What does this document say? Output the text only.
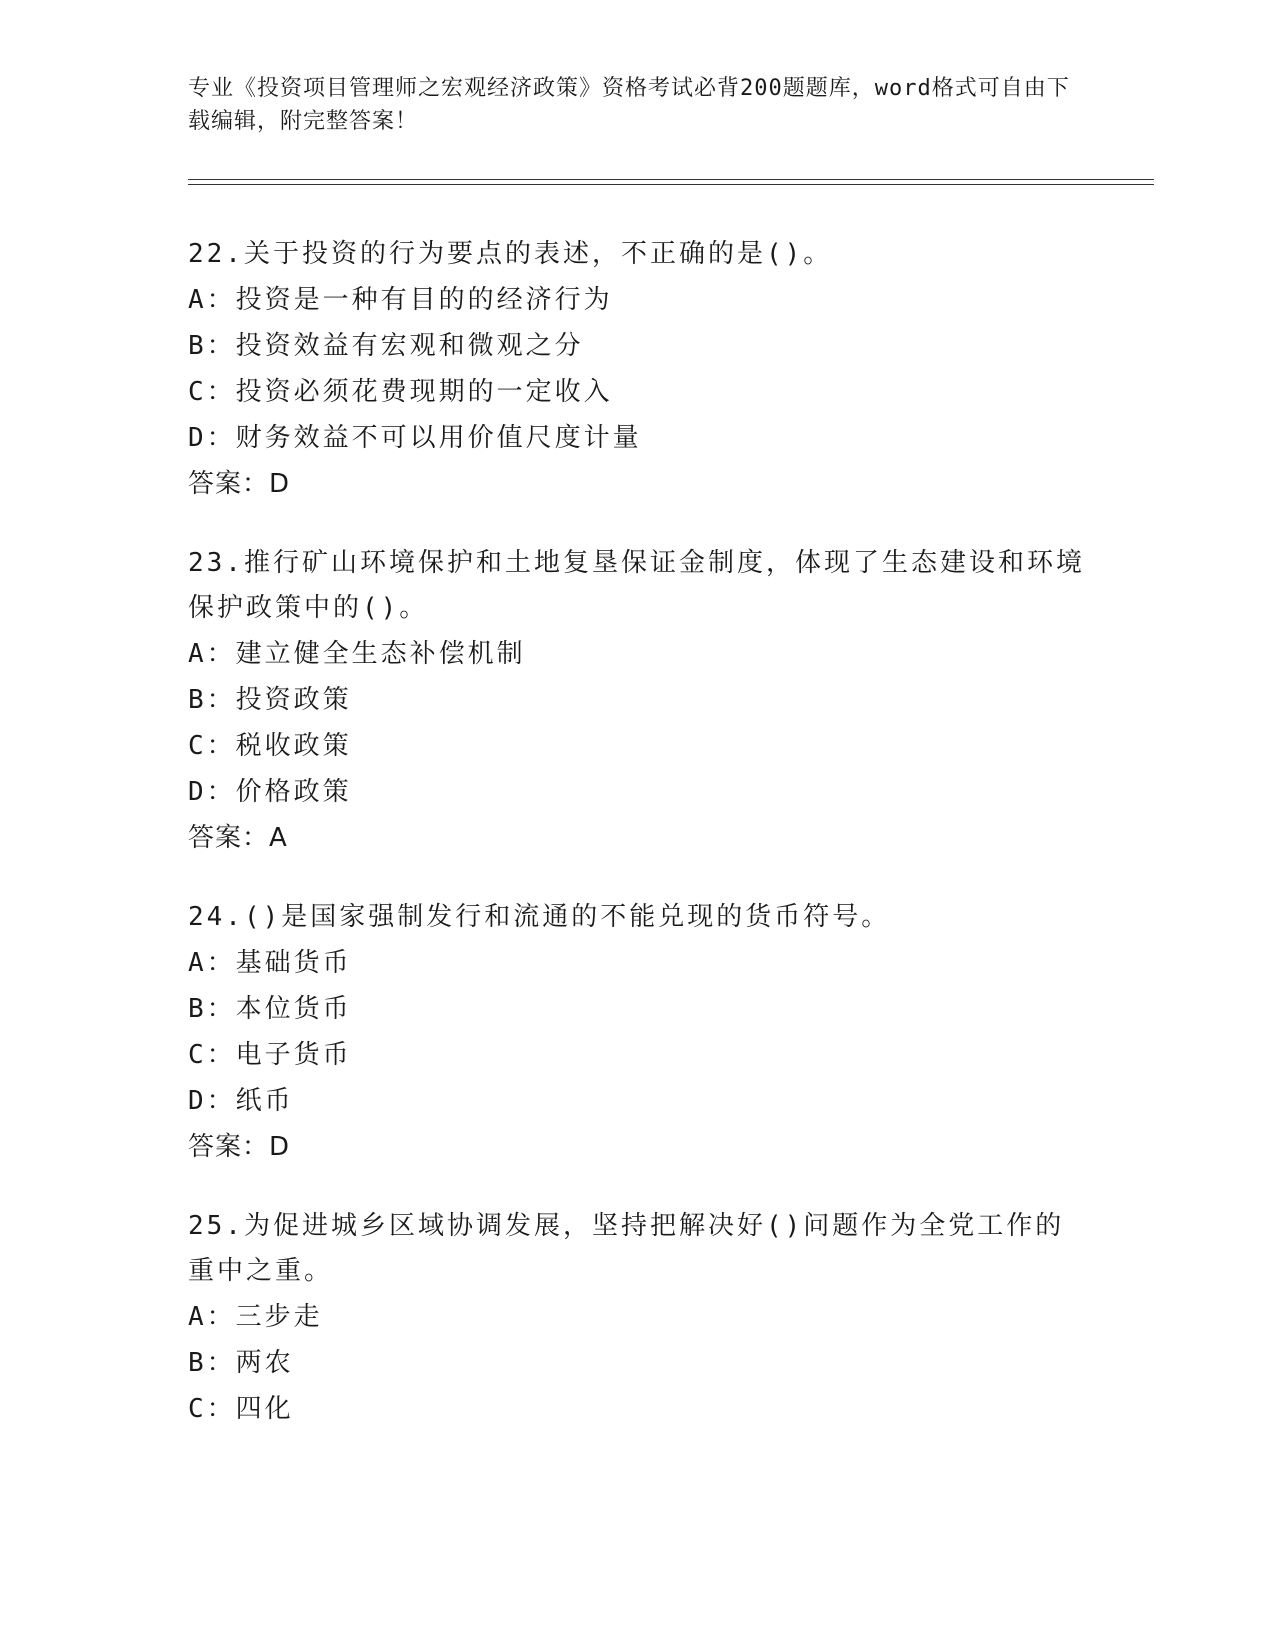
专业《投资项目管理师之宏观经济政策》资格考试必背200题题库，word格式可自由下载编辑，附完整答案！
22.关于投资的行为要点的表述，不正确的是()。
A：投资是一种有目的的经济行为
B：投资效益有宏观和微观之分
C：投资必须花费现期的一定收入
D：财务效益不可以用价值尺度计量
答案：D
23.推行矿山环境保护和土地复垦保证金制度，体现了生态建设和环境保护政策中的()。
A：建立健全生态补偿机制
B：投资政策
C：税收政策
D：价格政策
答案：A
24.()是国家强制发行和流通的不能兑现的货币符号。
A：基础货币
B：本位货币
C：电子货币
D：纸币
答案：D
25.为促进城乡区域协调发展，坚持把解决好()问题作为全党工作的重中之重。
A：三步走
B：两农
C：四化
